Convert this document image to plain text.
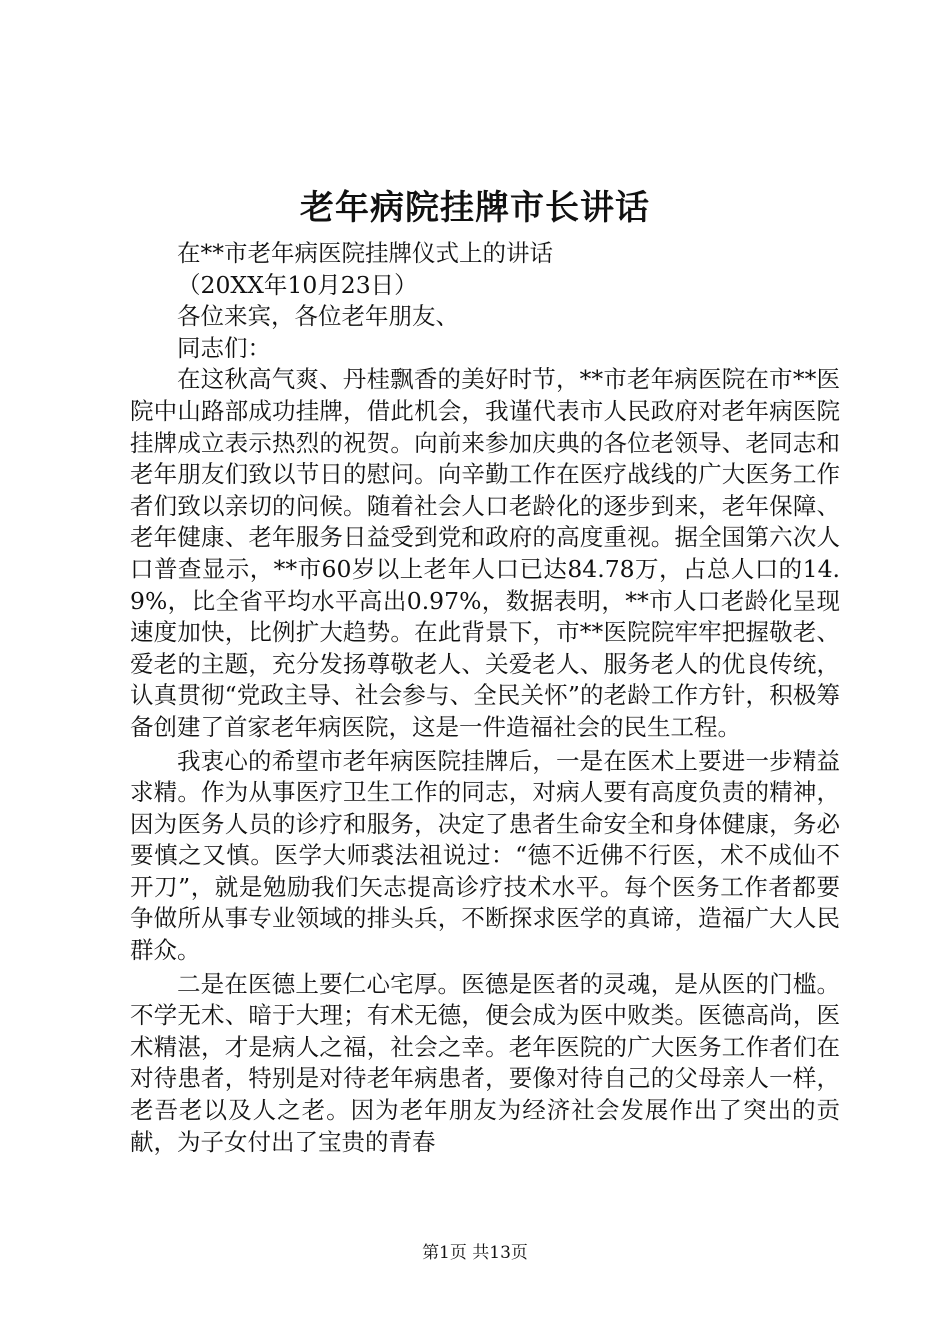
老年病院挂牌市长讲话

在**市老年病医院挂牌仪式上的讲话

（20XX年10月23日）

各位来宾，各位老年朋友、

同志们：

在这秋高气爽、丹桂飘香的美好时节，**市老年病医院在市**医院中山路部成功挂牌，借此机会，我谨代表市人民政府对老年病医院挂牌成立表示热烈的祝贺。向前来参加庆典的各位老领导、老同志和老年朋友们致以节日的慰问。向辛勤工作在医疗战线的广大医务工作者们致以亲切的问候。随着社会人口老龄化的逐步到来，老年保障、老年健康、老年服务日益受到党和政府的高度重视。据全国第六次人口普查显示，**市60岁以上老年人口已达84.78万，占总人口的14.9%，比全省平均水平高出0.97%，数据表明，**市人口老龄化呈现速度加快，比例扩大趋势。在此背景下，市**医院院牢牢把握敬老、爱老的主题，充分发扬尊敬老人、关爱老人、服务老人的优良传统，认真贯彻“党政主导、社会参与、全民关怀”的老龄工作方针，积极筹备创建了首家老年病医院，这是一件造福社会的民生工程。

我衷心的希望市老年病医院挂牌后，一是在医术上要进一步精益求精。作为从事医疗卫生工作的同志，对病人要有高度负责的精神，因为医务人员的诊疗和服务，决定了患者生命安全和身体健康，务必要慎之又慎。医学大师裘法祖说过：“德不近佛不行医，术不成仙不开刀”，就是勉励我们矢志提高诊疗技术水平。每个医务工作者都要争做所从事专业领域的排头兵，不断探求医学的真谛，造福广大人民群众。

二是在医德上要仁心宅厚。医德是医者的灵魂，是从医的门槛。不学无术、暗于大理；有术无德，便会成为医中败类。医德高尚，医术精湛，才是病人之福，社会之幸。老年医院的广大医务工作者们在对待患者，特别是对待老年病患者，要像对待自己的父母亲人一样，老吾老以及人之老。因为老年朋友为经济社会发展作出了突出的贡献，为子女付出了宝贵的青春

第1页 共13页
